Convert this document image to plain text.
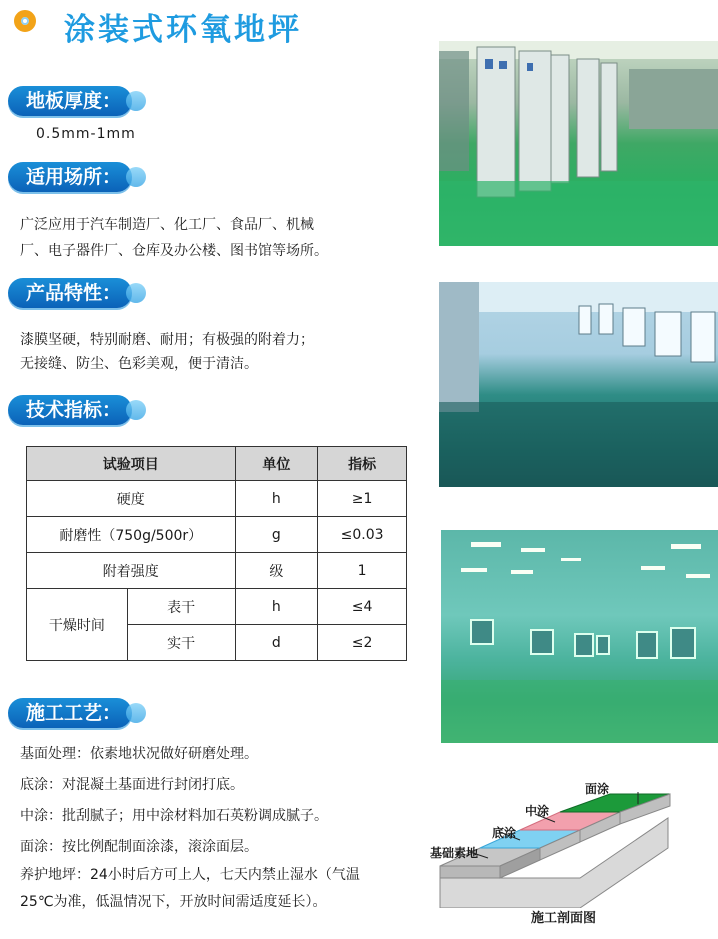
涂装式环氧地坪
地板厚度：
0.5mm-1mm
适用场所：
广泛应用于汽车制造厂、化工厂、食品厂、机械
厂、电子器件厂、仓库及办公楼、图书馆等场所。
产品特性：
漆膜坚硬，特别耐磨、耐用；有极强的附着力；
无接缝、防尘、色彩美观，便于清洁。
技术指标：
试验项目		单位	指标
硬度		h	≥1
耐磨性（750g/500r）		g	≤0.03
附着强度		级	1
干燥时间	表干	h	≤4
	实干	d	≤2
施工工艺：
基面处理：依素地状况做好研磨处理。
底涂：对混凝土基面进行封闭打底。
中涂：批刮腻子；用中涂材料加石英粉调成腻子。
面涂：按比例配制面涂漆，滚涂面层。
养护地坪：24小时后方可上人，七天内禁止湿水（气温
25℃为准，低温情况下，开放时间需适度延长）。
面涂
中涂
底涂
基础素地
施工剖面图
